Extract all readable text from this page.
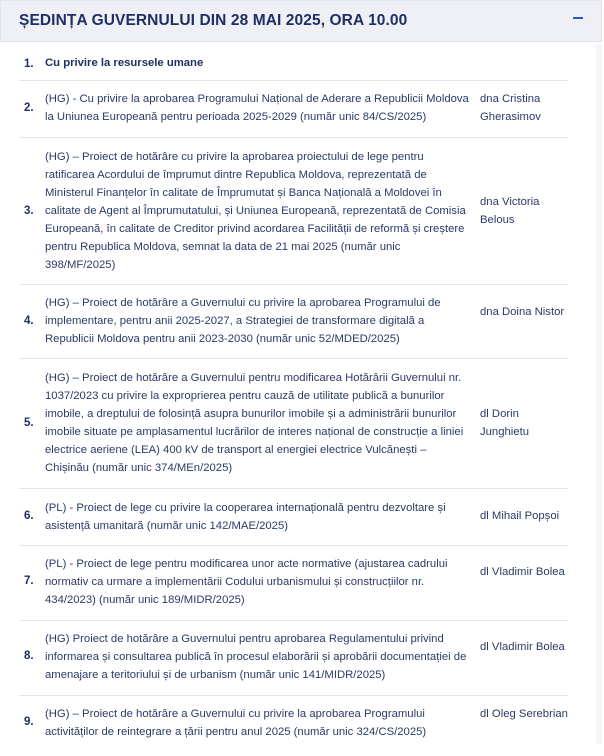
ȘEDINȚA GUVERNULUI DIN 28 MAI 2025, ORA 10.00
1. Cu privire la resursele umane
2.
(HG) - Cu privire la aprobarea Programului Național de Aderare a Republicii Moldova la Uniunea Europeană pentru perioada 2025-2029 (număr unic 84/CS/2025)
dna Cristina Gherasimov
3.
(HG) – Proiect de hotărâre cu privire la aprobarea proiectului de lege pentru ratificarea Acordului de împrumut dintre Republica Moldova, reprezentată de Ministerul Finanțelor în calitate de Împrumutat și Banca Națională a Moldovei în calitate de Agent al Împrumutatului, și Uniunea Europeană, reprezentată de Comisia Europeană, în calitate de Creditor privind acordarea Facilității de reformă și creștere pentru Republica Moldova, semnat la data de 21 mai 2025 (număr unic 398/MF/2025)
dna Victoria Belous
4.
(HG) – Proiect de hotărâre a Guvernului cu privire la aprobarea Programului de implementare, pentru anii 2025-2027, a Strategiei de transformare digitală a Republicii Moldova pentru anii 2023-2030 (număr unic 52/MDED/2025)
dna Doina Nistor
5.
(HG) – Proiect de hotărâre a Guvernului pentru modificarea Hotărârii Guvernului nr. 1037/2023 cu privire la exproprierea pentru cauză de utilitate publică a bunurilor imobile, a dreptului de folosință asupra bunurilor imobile și a administrării bunurilor imobile situate pe amplasamentul lucrărilor de interes național de construcție a liniei electrice aeriene (LEA) 400 kV de transport al energiei electrice Vulcănești – Chișinău (număr unic 374/MEn/2025)
dl Dorin Junghietu
6.
(PL) - Proiect de lege cu privire la cooperarea internațională pentru dezvoltare și asistență umanitară (număr unic 142/MAE/2025)
dl Mihail Popșoi
7.
(PL) - Proiect de lege pentru modificarea unor acte normative (ajustarea cadrului normativ ca urmare a implementării Codului urbanismului și construcțiilor nr. 434/2023) (număr unic 189/MIDR/2025)
dl Vladimir Bolea
8.
(HG) Proiect de hotărâre a Guvernului pentru aprobarea Regulamentului privind informarea și consultarea publică în procesul elaborării și aprobării documentației de amenajare a teritoriului și de urbanism (număr unic 141/MIDR/2025)
dl Vladimir Bolea
9.
(HG) – Proiect de hotărâre a Guvernului cu privire la aprobarea Programului activităților de reintegrare a țării pentru anul 2025 (număr unic 324/CS/2025)
dl Oleg Serebrian
